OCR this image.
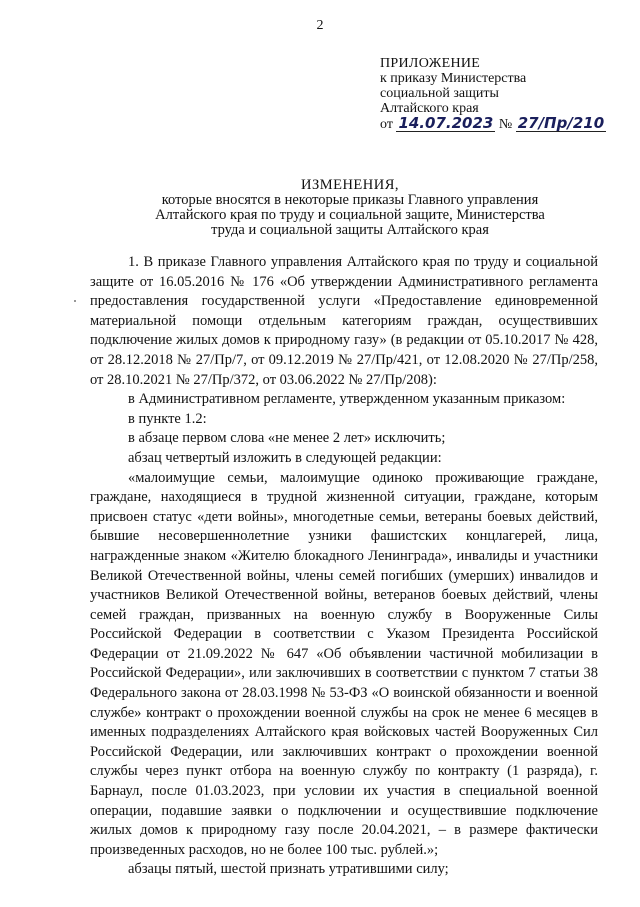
2
ПРИЛОЖЕНИЕ
к приказу Министерства
социальной защиты
Алтайского края
от 14.07.2023 № 27/Пр/210
ИЗМЕНЕНИЯ,
которые вносятся в некоторые приказы Главного управления
Алтайского края по труду и социальной защите, Министерства
труда и социальной защиты Алтайского края

1. В приказе Главного управления Алтайского края по труду и социальной защите от 16.05.2016 № 176 «Об утверждении Административного регламента предоставления государственной услуги «Предоставление единовременной материальной помощи отдельным категориям граждан, осуществивших подключение жилых домов к природному газу» (в редакции от 05.10.2017 № 428, от 28.12.2018 № 27/Пр/7, от 09.12.2019 № 27/Пр/421, от 12.08.2020 № 27/Пр/258, от 28.10.2021 № 27/Пр/372, от 03.06.2022 № 27/Пр/208):

в Административном регламенте, утвержденном указанным приказом:

в пункте 1.2:

в абзаце первом слова «не менее 2 лет» исключить;

абзац четвертый изложить в следующей редакции:

«малоимущие семьи, малоимущие одиноко проживающие граждане, граждане, находящиеся в трудной жизненной ситуации, граждане, которым присвоен статус «дети войны», многодетные семьи, ветераны боевых действий, бывшие несовершеннолетние узники фашистских концлагерей, лица, награжденные знаком «Жителю блокадного Ленинграда», инвалиды и участники Великой Отечественной войны, члены семей погибших (умерших) инвалидов и участников Великой Отечественной войны, ветеранов боевых действий, члены семей граждан, призванных на военную службу в Вооруженные Силы Российской Федерации в соответствии с Указом Президента Российской Федерации от 21.09.2022 № 647 «Об объявлении частичной мобилизации в Российской Федерации», или заключивших в соответствии с пунктом 7 статьи 38 Федерального закона от 28.03.1998 № 53-ФЗ «О воинской обязанности и военной службе» контракт о прохождении военной службы на срок не менее 6 месяцев в именных подразделениях Алтайского края войсковых частей Вооруженных Сил Российской Федерации, или заключивших контракт о прохождении военной службы через пункт отбора на военную службу по контракту (1 разряда), г. Барнаул, после 01.03.2023, при условии их участия в специальной военной операции, подавшие заявки о подключении и осуществившие подключение жилых домов к природному газу после 20.04.2021, – в размере фактически произведенных расходов, но не более 100 тыс. рублей.»;

абзацы пятый, шестой признать утратившими силу;
